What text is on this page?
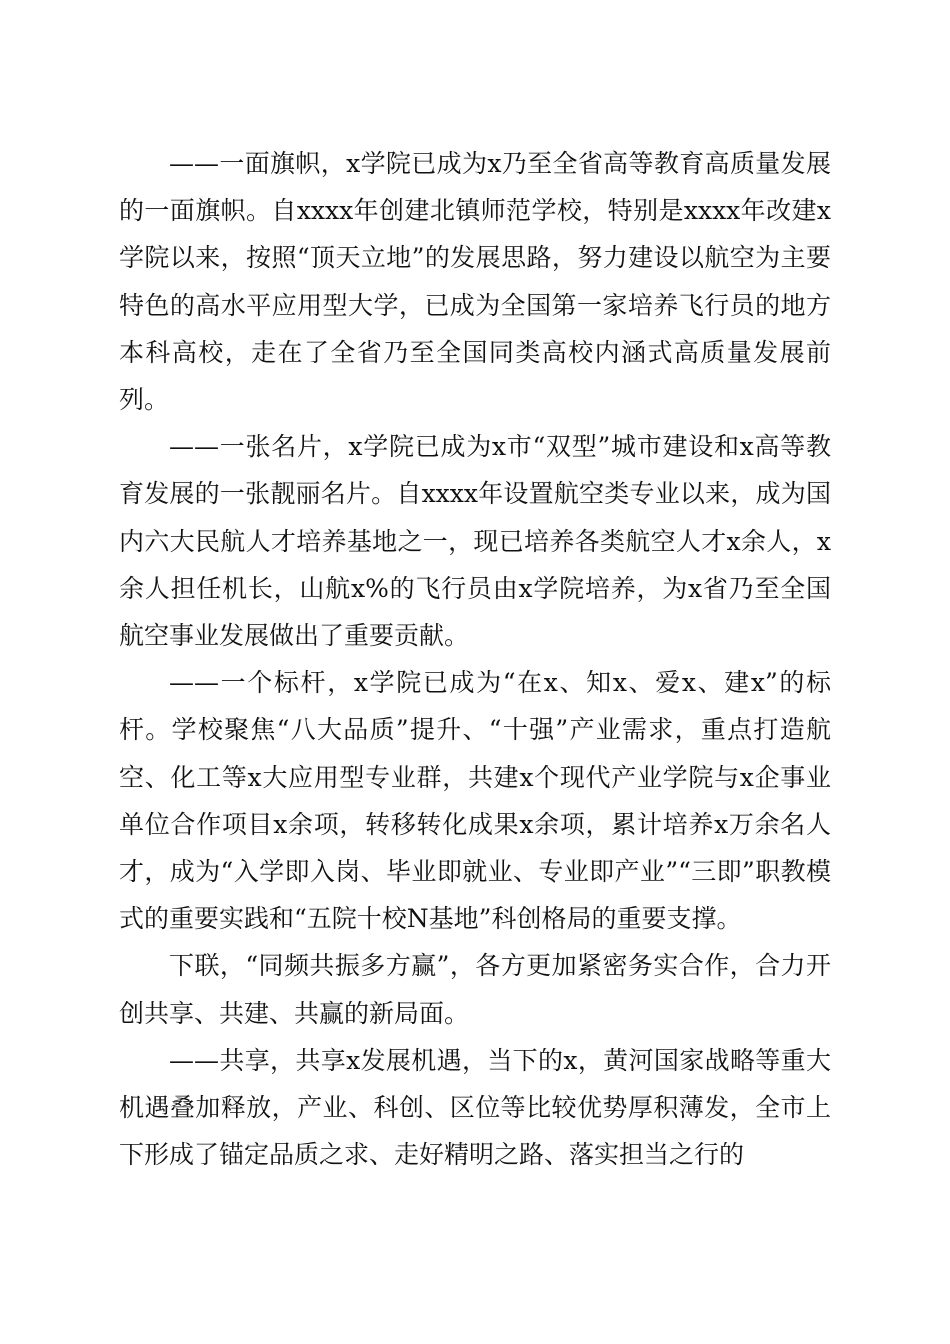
——一面旗帜，x学院已成为x乃至全省高等教育高质量发展的一面旗帜。自xxxx年创建北镇师范学校，特别是xxxx年改建x学院以来，按照“顶天立地”的发展思路，努力建设以航空为主要特色的高水平应用型大学，已成为全国第一家培养飞行员的地方本科高校，走在了全省乃至全国同类高校内涵式高质量发展前列。

——一张名片，x学院已成为x市“双型”城市建设和x高等教育发展的一张靓丽名片。自xxxx年设置航空类专业以来，成为国内六大民航人才培养基地之一，现已培养各类航空人才x余人，x余人担任机长，山航x%的飞行员由x学院培养，为x省乃至全国航空事业发展做出了重要贡献。

——一个标杆，x学院已成为“在x、知x、爱x、建x”的标杆。学校聚焦“八大品质”提升、“十强”产业需求，重点打造航空、化工等x大应用型专业群，共建x个现代产业学院与x企事业单位合作项目x余项，转移转化成果x余项，累计培养x万余名人才，成为“入学即入岗、毕业即就业、专业即产业”“三即”职教模式的重要实践和“五院十校N基地”科创格局的重要支撑。

下联，“同频共振多方赢”，各方更加紧密务实合作，合力开创共享、共建、共赢的新局面。

——共享，共享x发展机遇，当下的x，黄河国家战略等重大机遇叠加释放，产业、科创、区位等比较优势厚积薄发，全市上下形成了锚定品质之求、走好精明之路、落实担当之行的
